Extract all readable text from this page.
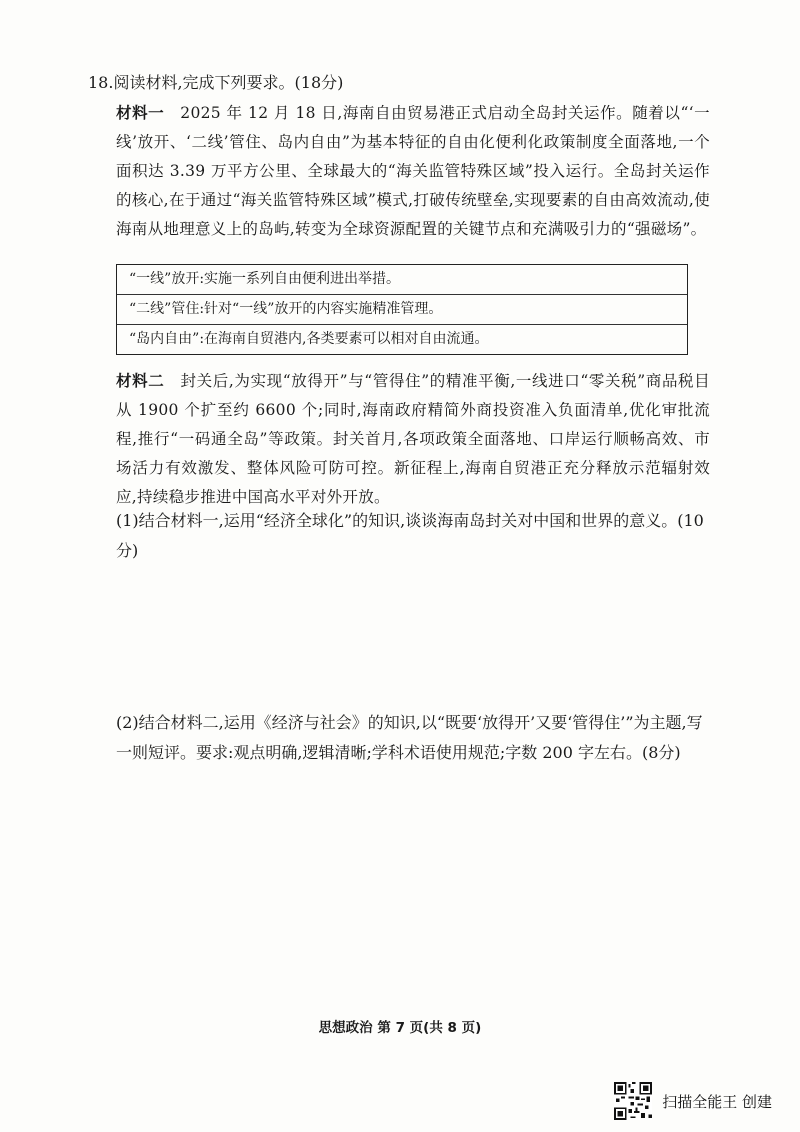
18.阅读材料,完成下列要求。(18分)
材料一　2025 年 12 月 18 日,海南自由贸易港正式启动全岛封关运作。随着以“‘一线’放开、‘二线’管住、岛内自由”为基本特征的自由化便利化政策制度全面落地,一个面积达 3.39 万平方公里、全球最大的“海关监管特殊区域”投入运行。全岛封关运作的核心,在于通过“海关监管特殊区域”模式,打破传统壁垒,实现要素的自由高效流动,使海南从地理意义上的岛屿,转变为全球资源配置的关键节点和充满吸引力的“强磁场”。
“一线”放开:实施一系列自由便利进出举措。
“二线”管住:针对“一线”放开的内容实施精准管理。
“岛内自由”:在海南自贸港内,各类要素可以相对自由流通。
材料二　封关后,为实现“放得开”与“管得住”的精准平衡,一线进口“零关税”商品税目从 1900 个扩至约 6600 个;同时,海南政府精简外商投资准入负面清单,优化审批流程,推行“一码通全岛”等政策。封关首月,各项政策全面落地、口岸运行顺畅高效、市场活力有效激发、整体风险可防可控。新征程上,海南自贸港正充分释放示范辐射效应,持续稳步推进中国高水平对外开放。
(1)结合材料一,运用“经济全球化”的知识,谈谈海南岛封关对中国和世界的意义。(10分)
(2)结合材料二,运用《经济与社会》的知识,以“既要‘放得开’又要‘管得住’”为主题,写一则短评。要求:观点明确,逻辑清晰;学科术语使用规范;字数 200 字左右。(8分)
思想政治 第 7 页(共 8 页)
扫描全能王 创建
